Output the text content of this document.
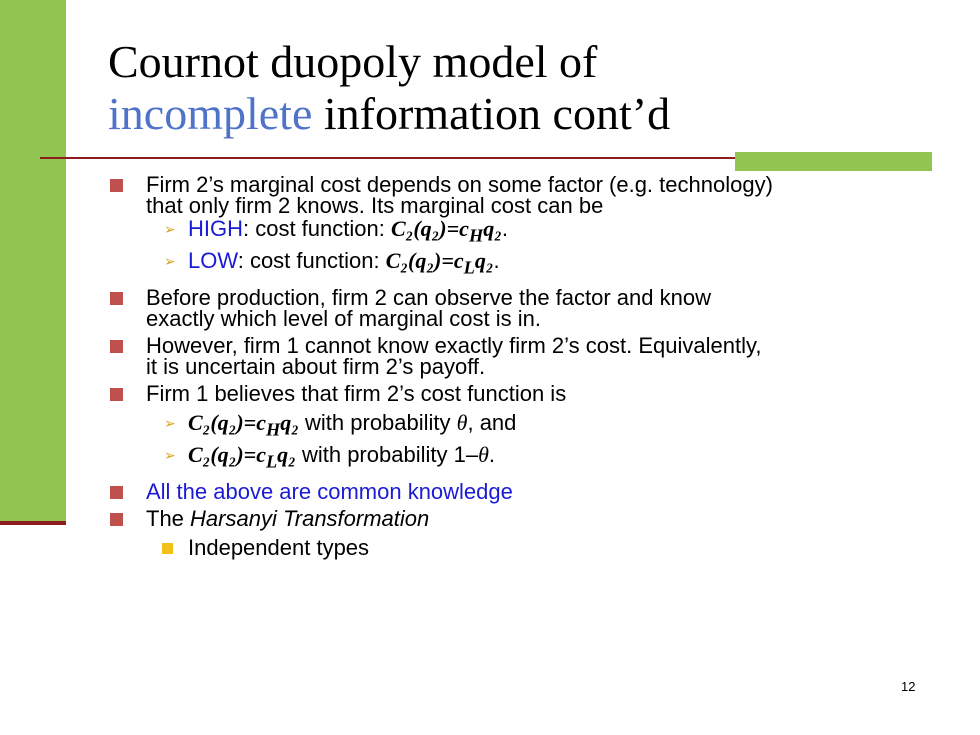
Cournot duopoly model of
incomplete information cont’d
Firm 2’s marginal cost depends on some factor (e.g. technology)
that only firm 2 knows. Its marginal cost can be
➢ HIGH: cost function: $C_2(q_2)=c_Hq_2$.
➢ LOW: cost function: $C_2(q_2)=c_Lq_2$.
Before production, firm 2 can observe the factor and know
exactly which level of marginal cost is in.
However, firm 1 cannot know exactly firm 2’s cost. Equivalently,
it is uncertain about firm 2’s payoff.
Firm 1 believes that firm 2’s cost function is
➢ $C_2(q_2)=c_Hq_2$ with probability θ, and
➢ $C_2(q_2)=c_Lq_2$ with probability 1–θ.
All the above are common knowledge
The Harsanyi Transformation
Independent types
12
